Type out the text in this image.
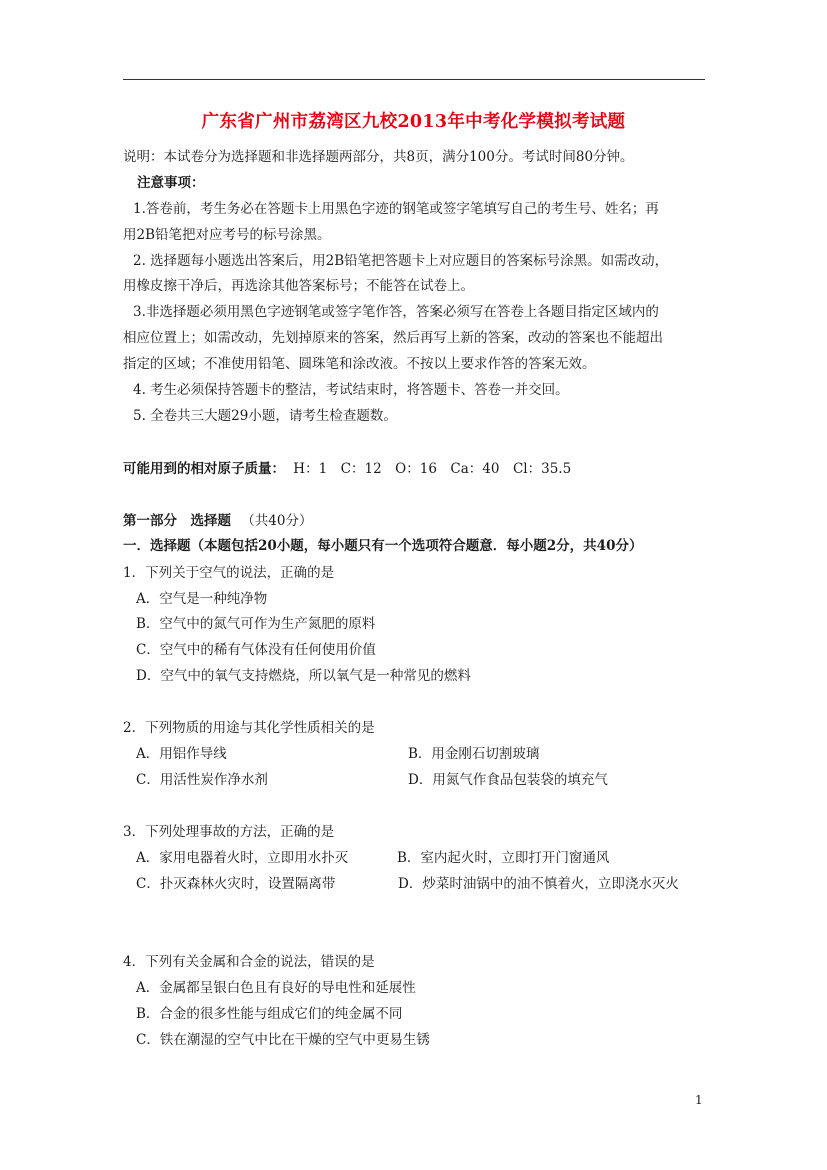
广东省广州市荔湾区九校2013年中考化学模拟考试题
说明：本试卷分为选择题和非选择题两部分，共8页，满分100分。考试时间80分钟。
注意事项：
1.答卷前，考生务必在答题卡上用黑色字迹的钢笔或签字笔填写自己的考生号、姓名；再
用2B铅笔把对应考号的标号涂黑。
2. 选择题每小题选出答案后，用2B铅笔把答题卡上对应题目的答案标号涂黑。如需改动，
用橡皮擦干净后，再选涂其他答案标号；不能答在试卷上。
3.非选择题必须用黑色字迹钢笔或签字笔作答，答案必须写在答卷上各题目指定区域内的
相应位置上；如需改动，先划掉原来的答案，然后再写上新的答案，改动的答案也不能超出
指定的区域；不准使用铅笔、圆珠笔和涂改液。不按以上要求作答的答案无效。
4. 考生必须保持答题卡的整洁，考试结束时，将答题卡、答卷一并交回。
5. 全卷共三大题29小题，请考生检查题数。
可能用到的相对原子质量： H：1　C：12　O：16　Ca：40　Cl：35.5
第一部分　选择题 （共40分）
一．选择题（本题包括20小题，每小题只有一个选项符合题意．每小题2分，共40分）
1．下列关于空气的说法，正确的是
A．空气是一种纯净物
B．空气中的氮气可作为生产氮肥的原料
C．空气中的稀有气体没有任何使用价值
D．空气中的氧气支持燃烧，所以氧气是一种常见的燃料
2．下列物质的用途与其化学性质相关的是
A．用铝作导线	B．用金刚石切割玻璃
C．用活性炭作净水剂	D．用氮气作食品包装袋的填充气
3．下列处理事故的方法，正确的是
A．家用电器着火时，立即用水扑灭	B．室内起火时，立即打开门窗通风
C．扑灭森林火灾时，设置隔离带	D．炒菜时油锅中的油不慎着火，立即浇水灭火
4．下列有关金属和合金的说法，错误的是
A．金属都呈银白色且有良好的导电性和延展性
B．合金的很多性能与组成它们的纯金属不同
C．铁在潮湿的空气中比在干燥的空气中更易生锈
1
